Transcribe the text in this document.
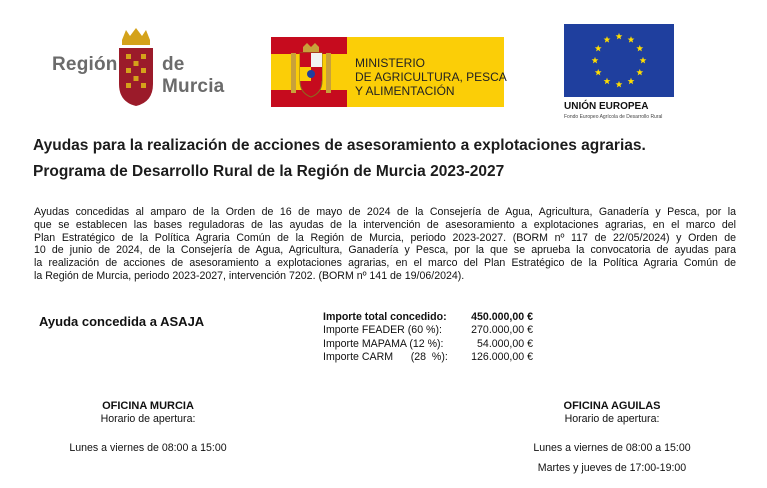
Región de Murcia
MINISTERIO
DE AGRICULTURA, PESCA
Y ALIMENTACIÓN
UNIÓN EUROPEA
Fondo Europeo Agrícola de Desarrollo Rural
Ayudas para la realización de acciones de asesoramiento a explotaciones agrarias.
Programa de Desarrollo Rural de la Región de Murcia 2023-2027
Ayudas concedidas al amparo de la Orden de 16 de mayo de 2024 de la Consejería de Agua, Agricultura, Ganadería y Pesca, por la
que se establecen las bases reguladoras de las ayudas de la intervención de asesoramiento a explotaciones agrarias, en el marco del
Plan Estratégico de la Política Agraria Común de la Región de Murcia, periodo 2023-2027. (BORM nº 117 de 22/05/2024) y Orden de
10 de junio de 2024, de la Consejería de Agua, Agricultura, Ganadería y Pesca, por la que se aprueba la convocatoria de ayudas para
la realización de acciones de asesoramiento a explotaciones agrarias, en el marco del Plan Estratégico de la Política Agraria Común de
la Región de Murcia, periodo 2023-2027, intervención 7202. (BORM nº 141 de 19/06/2024).
Ayuda concedida a ASAJA	Importe total concedido: 450.000,00 €
Importe FEADER (60 %):	270.000,00 €
Importe MAPAMA (12 %):	54.000,00 €
Importe CARM      (28  %): 126.000,00 €
OFICINA MURCIA
Horario de apertura:
Lunes a viernes de 08:00 a 15:00
OFICINA AGUILAS
Horario de apertura:
Lunes a viernes de 08:00 a 15:00
Martes y jueves de 17:00-19:00
